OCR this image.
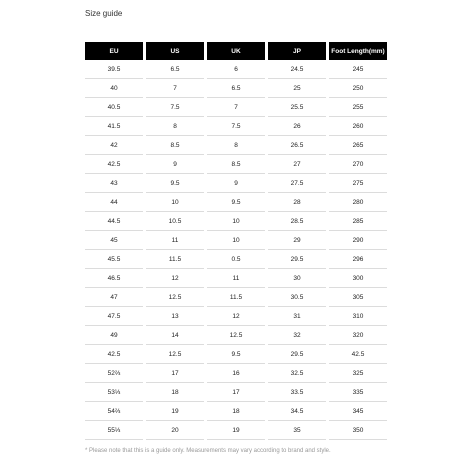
Size guide
EU	US	UK	JP	Foot Length(mm)
39.5	6.5	6	24.5	245
40	7	6.5	25	250
40.5	7.5	7	25.5	255
41.5	8	7.5	26	260
42	8.5	8	26.5	265
42.5	9	8.5	27	270
43	9.5	9	27.5	275
44	10	9.5	28	280
44.5	10.5	10	28.5	285
45	11	10	29	290
45.5	11.5	0.5	29.5	296
46.5	12	11	30	300
47	12.5	11.5	30.5	305
47.5	13	12	31	310
49	14	12.5	32	320
42.5	12.5	9.5	29.5	42.5
52⅔	17	16	32.5	325
53⅓	18	17	33.5	335
54⅔	19	18	34.5	345
55⅓	20	19	35	350
* Please note that this is a guide only. Measurements may vary according to brand and style.
